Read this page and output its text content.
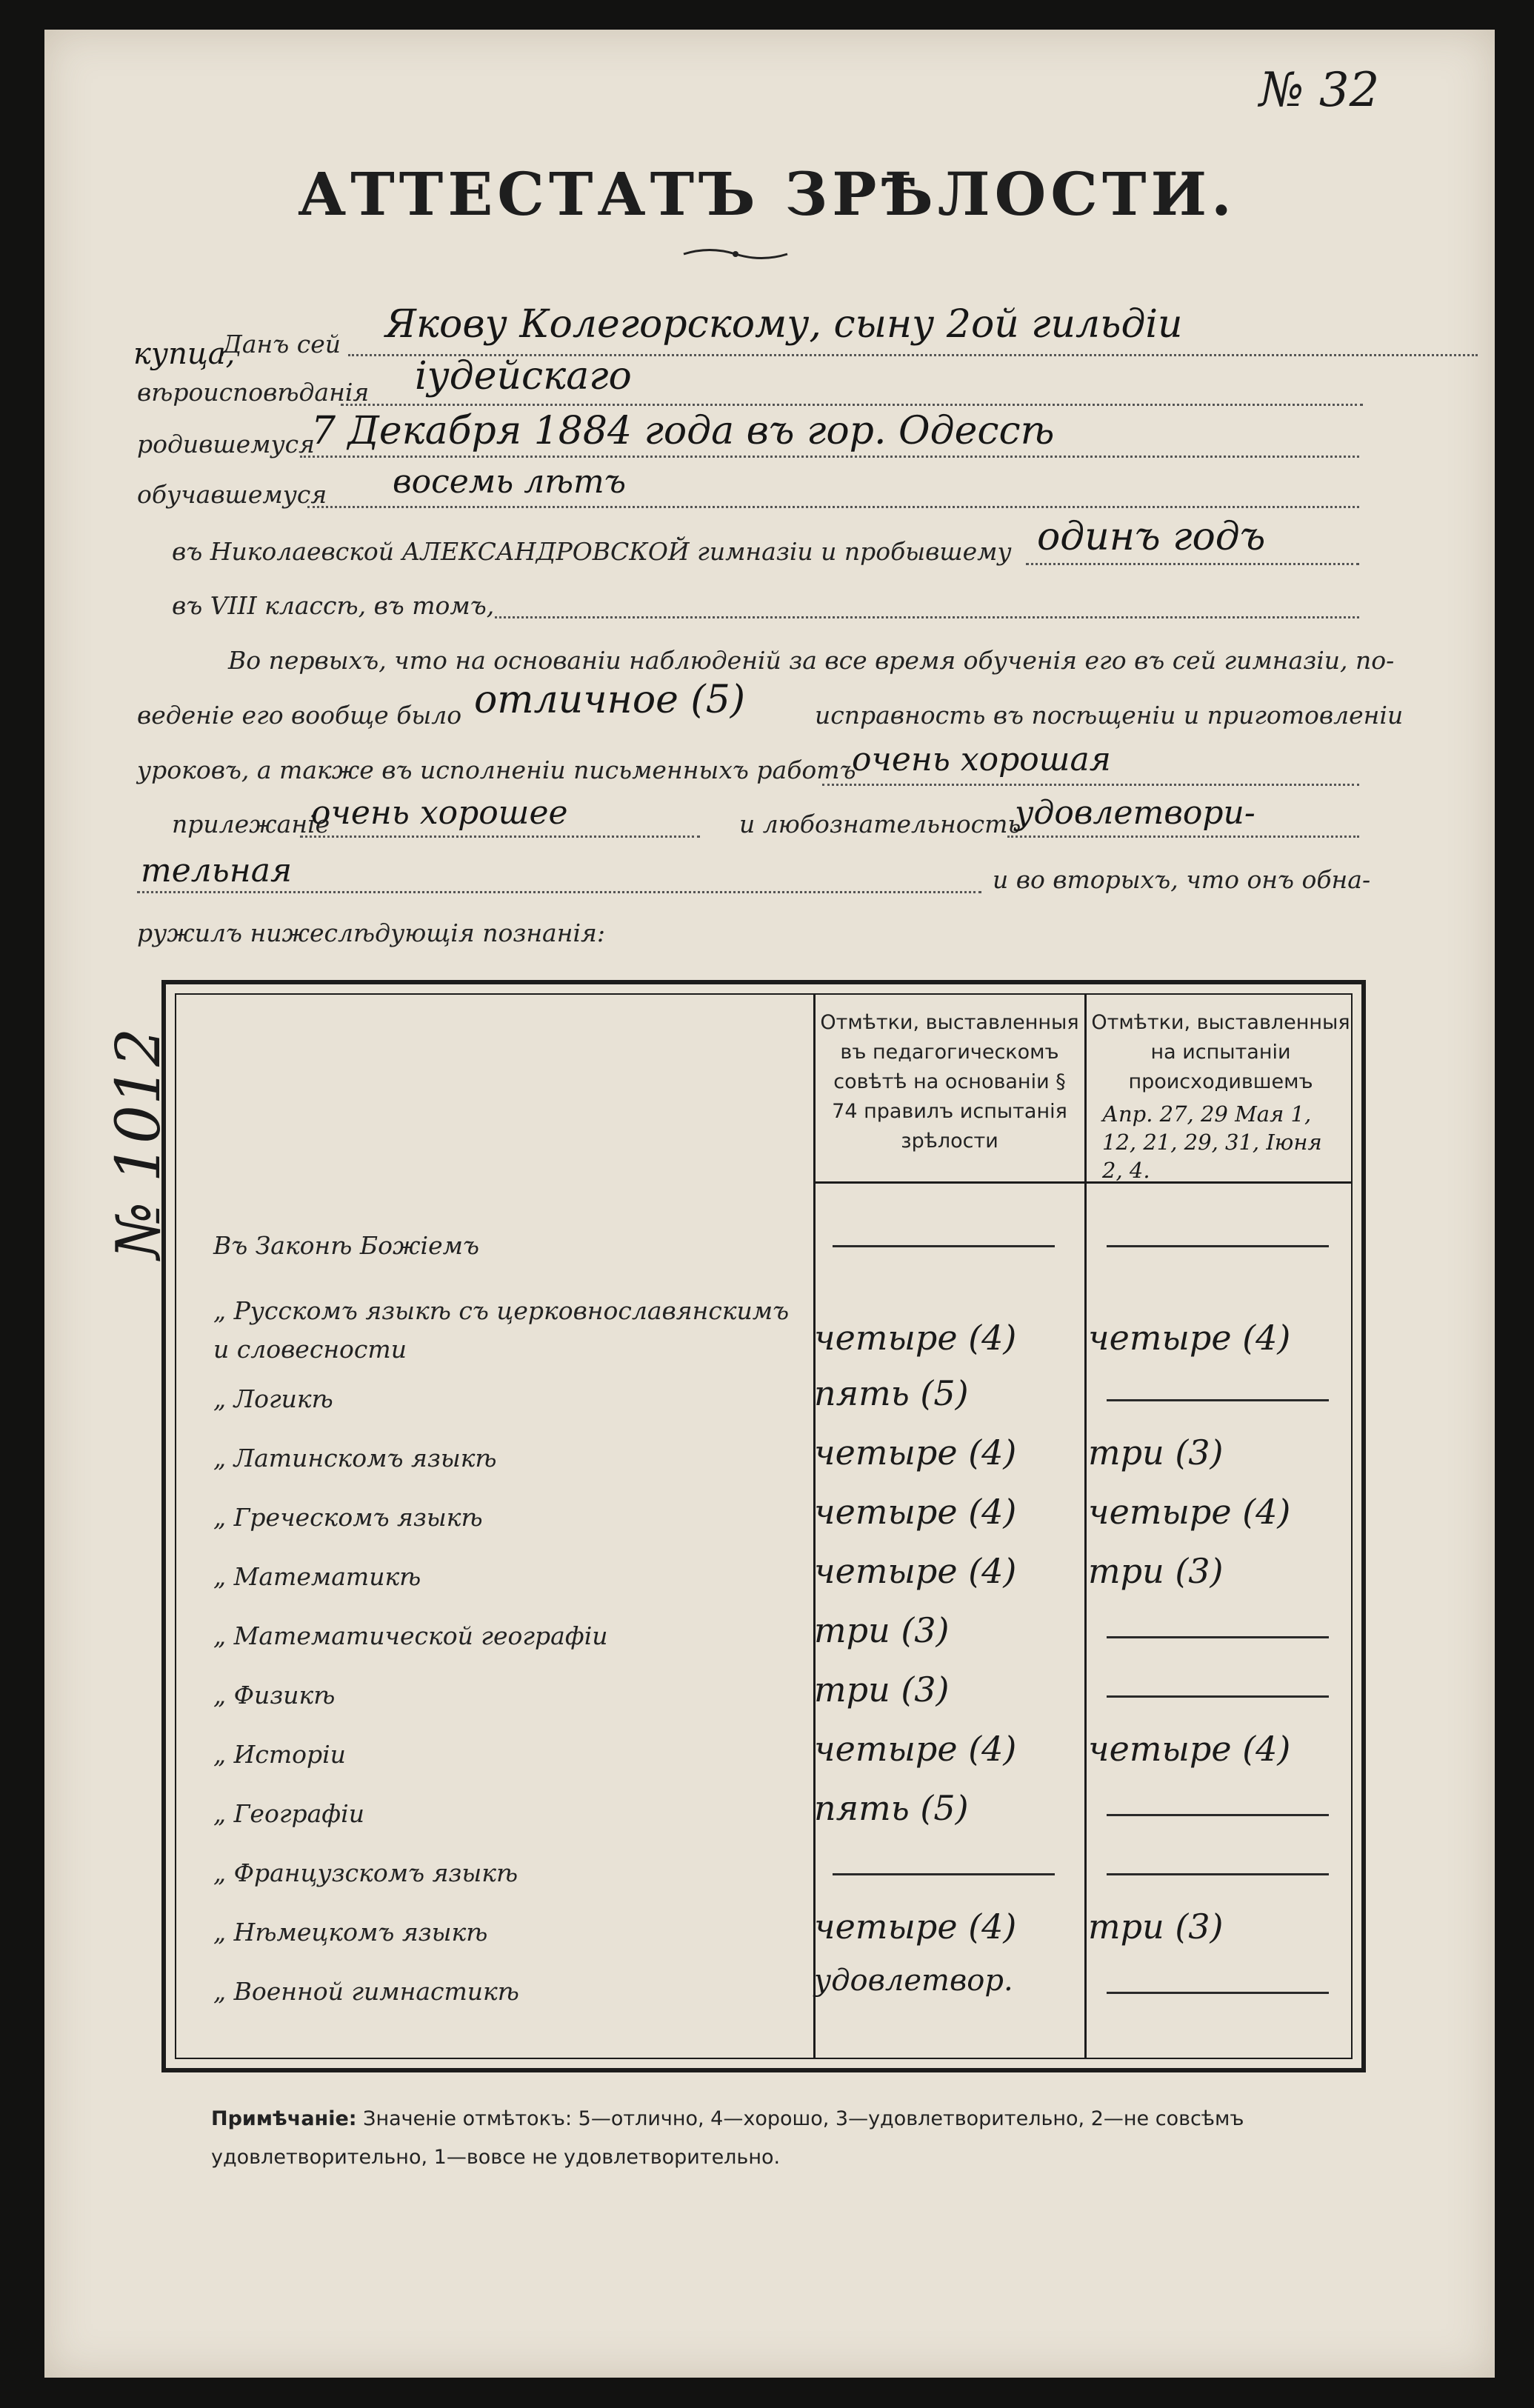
№ 32
№ 1012
АТТЕСТАТЪ ЗРѢЛОСТИ.
Данъ сей Якову Колегорскому, сыну 2ой гильдіи
купца,
вѣроисповѣданія іудейскаго
родившемуся
7 Декабря 1884 года въ гор. Одессѣ
обучавшемуся восемь лѣтъ
въ Николаевской АЛЕКСАНДРОВСКОЙ гимназіи и пробывшему одинъ годъ
въ VIII классѣ, въ томъ,
Во первыхъ, что на основаніи наблюденій за все время обученія его въ сей гимназіи, по-
веденіе его вообще было отличное (5)	исправность въ посѣщеніи и приготовленіи
уроковъ, а также въ исполненіи письменныхъ работъ
очень хорошая
прилежаніе
очень хорошее	и любознательность
удовлетвори-
тельная	и во вторыхъ, что онъ обна-
ружилъ нижеслѣдующія познанія:
Отмѣтки, выставленныя въ педагогическомъ совѣтѣ на основаніи § 74 правилъ испытанія зрѣлости
Отмѣтки, выставленныя на испытаніи происходившемъ
Апр. 27, 29 Мая 1, 12, 21, 29, 31, Іюня 2, 4.
Въ Законѣ Божіемъ
„ Русскомъ языкѣ съ церковнославянскимъ и словесности	четыре (4) четыре (4)
„ Логикѣ	пять (5)
„ Латинскомъ языкѣ	четыре (4) три (3)
„ Греческомъ языкѣ	четыре (4) четыре (4)
„ Математикѣ	четыре (4) три (3)
„ Математической географіи	три (3)
„ Физикѣ	три (3)
„ Исторіи	четыре (4) четыре (4)
„ Географіи	пять (5)
„ Французскомъ языкѣ
„ Нѣмецкомъ языкѣ	четыре (4) три (3)
„ Военной гимнастикѣ	удовлетвор.
Примѣчаніе: Значеніе отмѣтокъ: 5—отлично, 4—хорошо, 3—удовлетворительно, 2—не совсѣмъ удовлетворительно, 1—вовсе не удовлетворительно.
